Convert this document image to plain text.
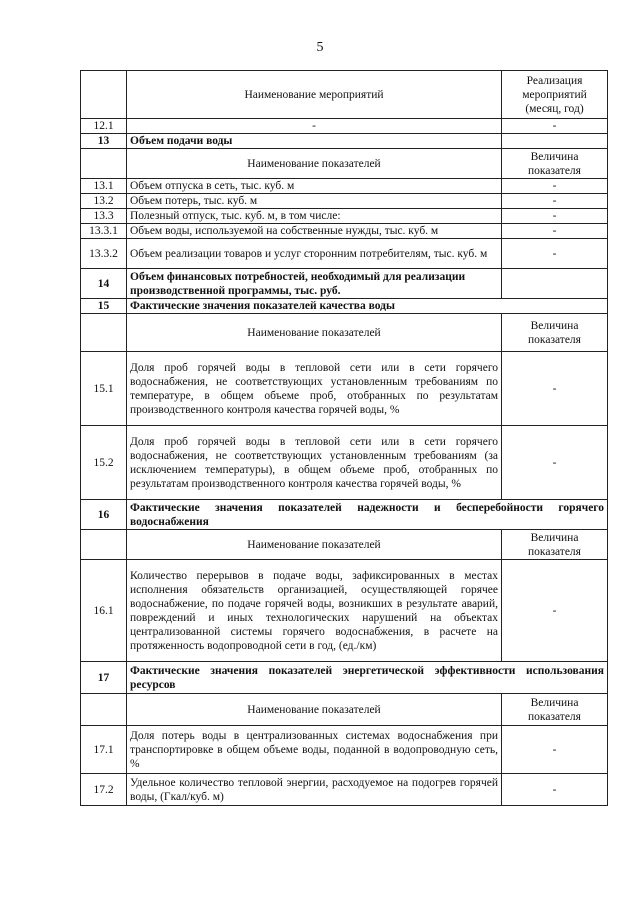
5
	Наименование мероприятий	Реализация мероприятий (месяц, год)
12.1	-	-
13	Объем подачи воды	
	Наименование показателей	Величина показателя
13.1	Объем отпуска в сеть, тыс. куб. м	-
13.2	Объем потерь, тыс. куб. м	-
13.3	Полезный отпуск, тыс. куб. м, в том числе:	-
13.3.1	Объем воды, используемой на собственные нужды, тыс. куб. м	-
13.3.2	Объем реализации товаров и услуг сторонним потребителям, тыс. куб. м	-
14	Объем финансовых потребностей, необходимый для реализации производственной программы, тыс. руб.	
15	Фактические значения показателей качества воды	
	Наименование показателей	Величина показателя
15.1	Доля проб горячей воды в тепловой сети или в сети горячего водоснабжения, не соответствующих установленным требованиям по температуре, в общем объеме проб, отобранных по результатам производственного контроля качества горячей воды, %	-
15.2	Доля проб горячей воды в тепловой сети или в сети горячего водоснабжения, не соответствующих установленным требованиям (за исключением температуры), в общем объеме проб, отобранных по результатам производственного контроля качества горячей воды, %	-
16	Фактические значения показателей надежности и бесперебойности горячего водоснабжения	
	Наименование показателей	Величина показателя
16.1	Количество перерывов в подаче воды, зафиксированных в местах исполнения обязательств организацией, осуществляющей горячее водоснабжение, по подаче горячей воды, возникших в результате аварий, повреждений и иных технологических нарушений на объектах централизованной системы горячего водоснабжения, в расчете на протяженность водопроводной сети в год, (ед./км)	-
17	Фактические значения показателей энергетической эффективности использования ресурсов	
	Наименование показателей	Величина показателя
17.1	Доля потерь воды в централизованных системах водоснабжения при транспортировке в общем объеме воды, поданной в водопроводную сеть, %	-
17.2	Удельное количество тепловой энергии, расходуемое на подогрев горячей воды, (Гкал/куб. м)	-
